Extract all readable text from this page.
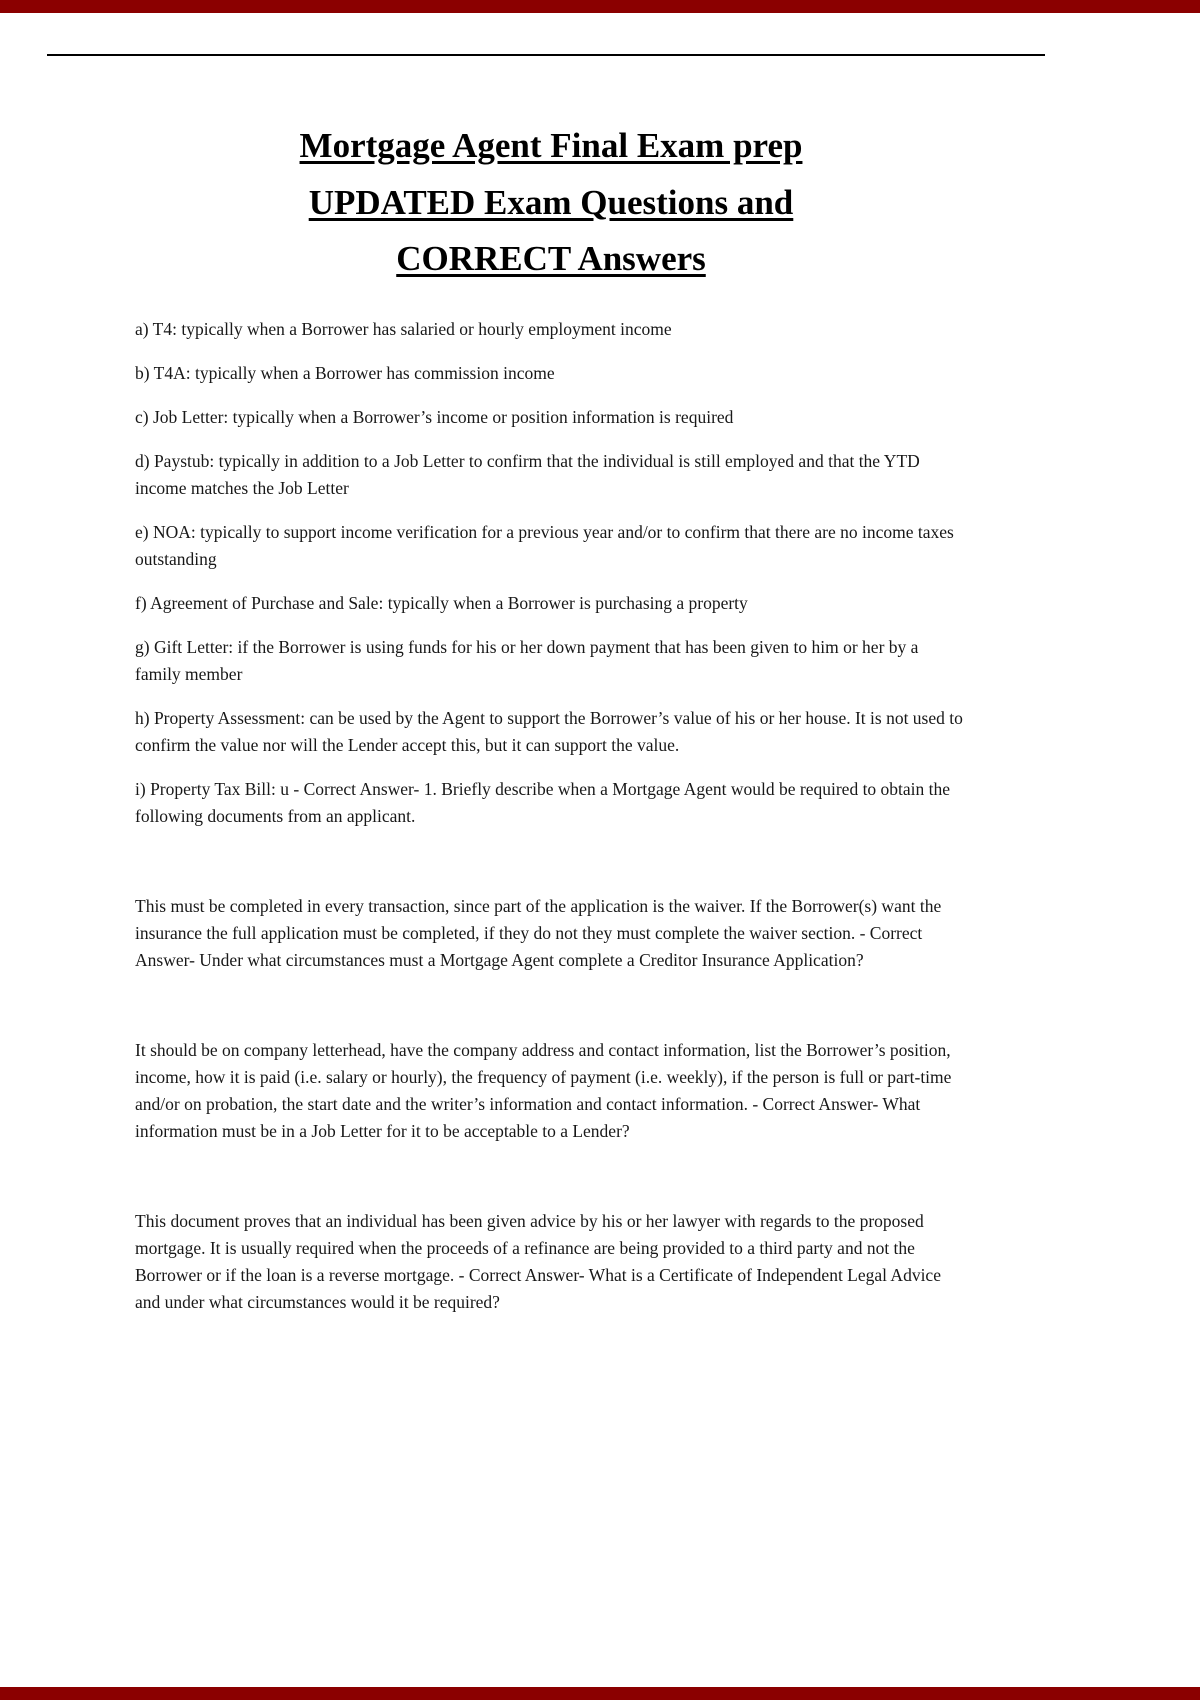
Mortgage Agent Final Exam prep
UPDATED Exam Questions and
CORRECT Answers

a) T4: typically when a Borrower has salaried or hourly employment income

b) T4A: typically when a Borrower has commission income

c) Job Letter: typically when a Borrower’s income or position information is required

d) Paystub: typically in addition to a Job Letter to confirm that the individual is still employed and that the YTD income matches the Job Letter

e) NOA: typically to support income verification for a previous year and/or to confirm that there are no income taxes outstanding

f) Agreement of Purchase and Sale: typically when a Borrower is purchasing a property

g) Gift Letter: if the Borrower is using funds for his or her down payment that has been given to him or her by a family member

h) Property Assessment: can be used by the Agent to support the Borrower’s value of his or her house. It is not used to confirm the value nor will the Lender accept this, but it can support the value.

i) Property Tax Bill: u - Correct Answer- 1. Briefly describe when a Mortgage Agent would be required to obtain the following documents from an applicant.

This must be completed in every transaction, since part of the application is the waiver. If the Borrower(s) want the insurance the full application must be completed, if they do not they must complete the waiver section. - Correct Answer- Under what circumstances must a Mortgage Agent complete a Creditor Insurance Application?

It should be on company letterhead, have the company address and contact information, list the Borrower’s position, income, how it is paid (i.e. salary or hourly), the frequency of payment (i.e. weekly), if the person is full or part-time and/or on probation, the start date and the writer’s information and contact information. - Correct Answer- What information must be in a Job Letter for it to be acceptable to a Lender?

This document proves that an individual has been given advice by his or her lawyer with regards to the proposed mortgage. It is usually required when the proceeds of a refinance are being provided to a third party and not the Borrower or if the loan is a reverse mortgage. - Correct Answer- What is a Certificate of Independent Legal Advice and under what circumstances would it be required?
